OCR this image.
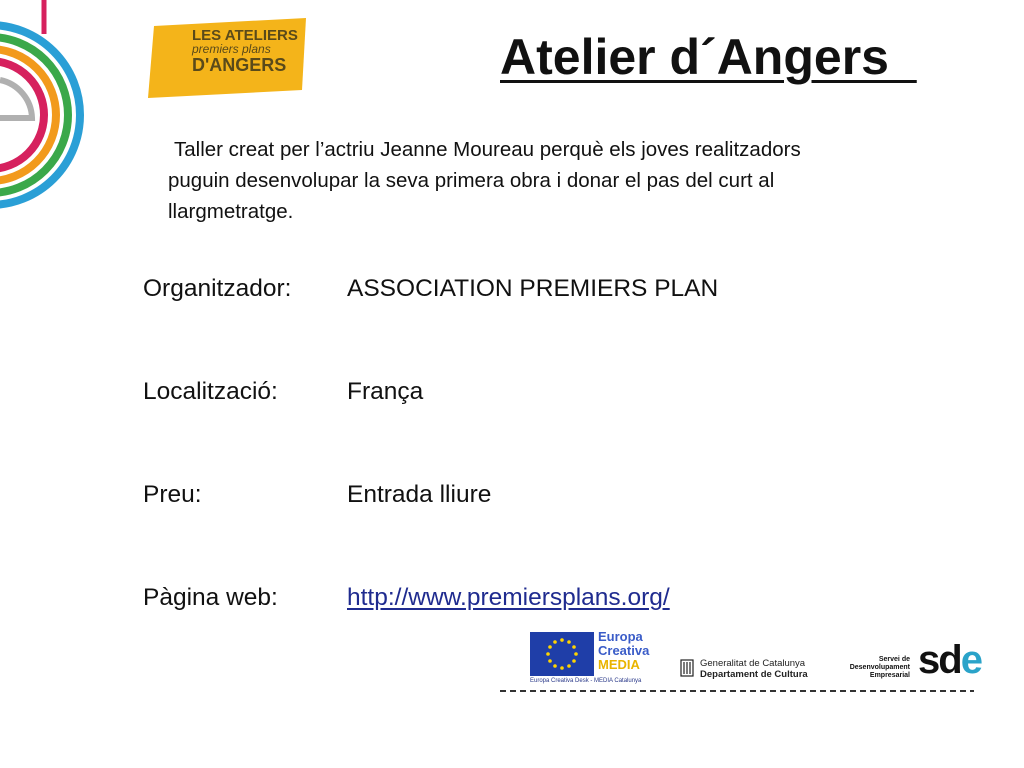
LES ATELIERS
premiers plans
D'ANGERS	Atelier d´Angers

Taller creat per l’actriu Jeanne Moureau perquè els joves realitzadors puguin desenvolupar la seva primera obra i donar el pas del curt al llargmetratge.

Organitzador: ASSOCIATION PREMIERS PLAN
Localització:	França
Preu:	Entrada lliure
Pàgina web:	http://www.premiersplans.org/
Europa
Creativa
MEDIA
Europa Creativa Desk - MEDIA Catalunya
Generalitat de Catalunya
Departament de Cultura
Servei de Desenvolupament Empresarial sde
